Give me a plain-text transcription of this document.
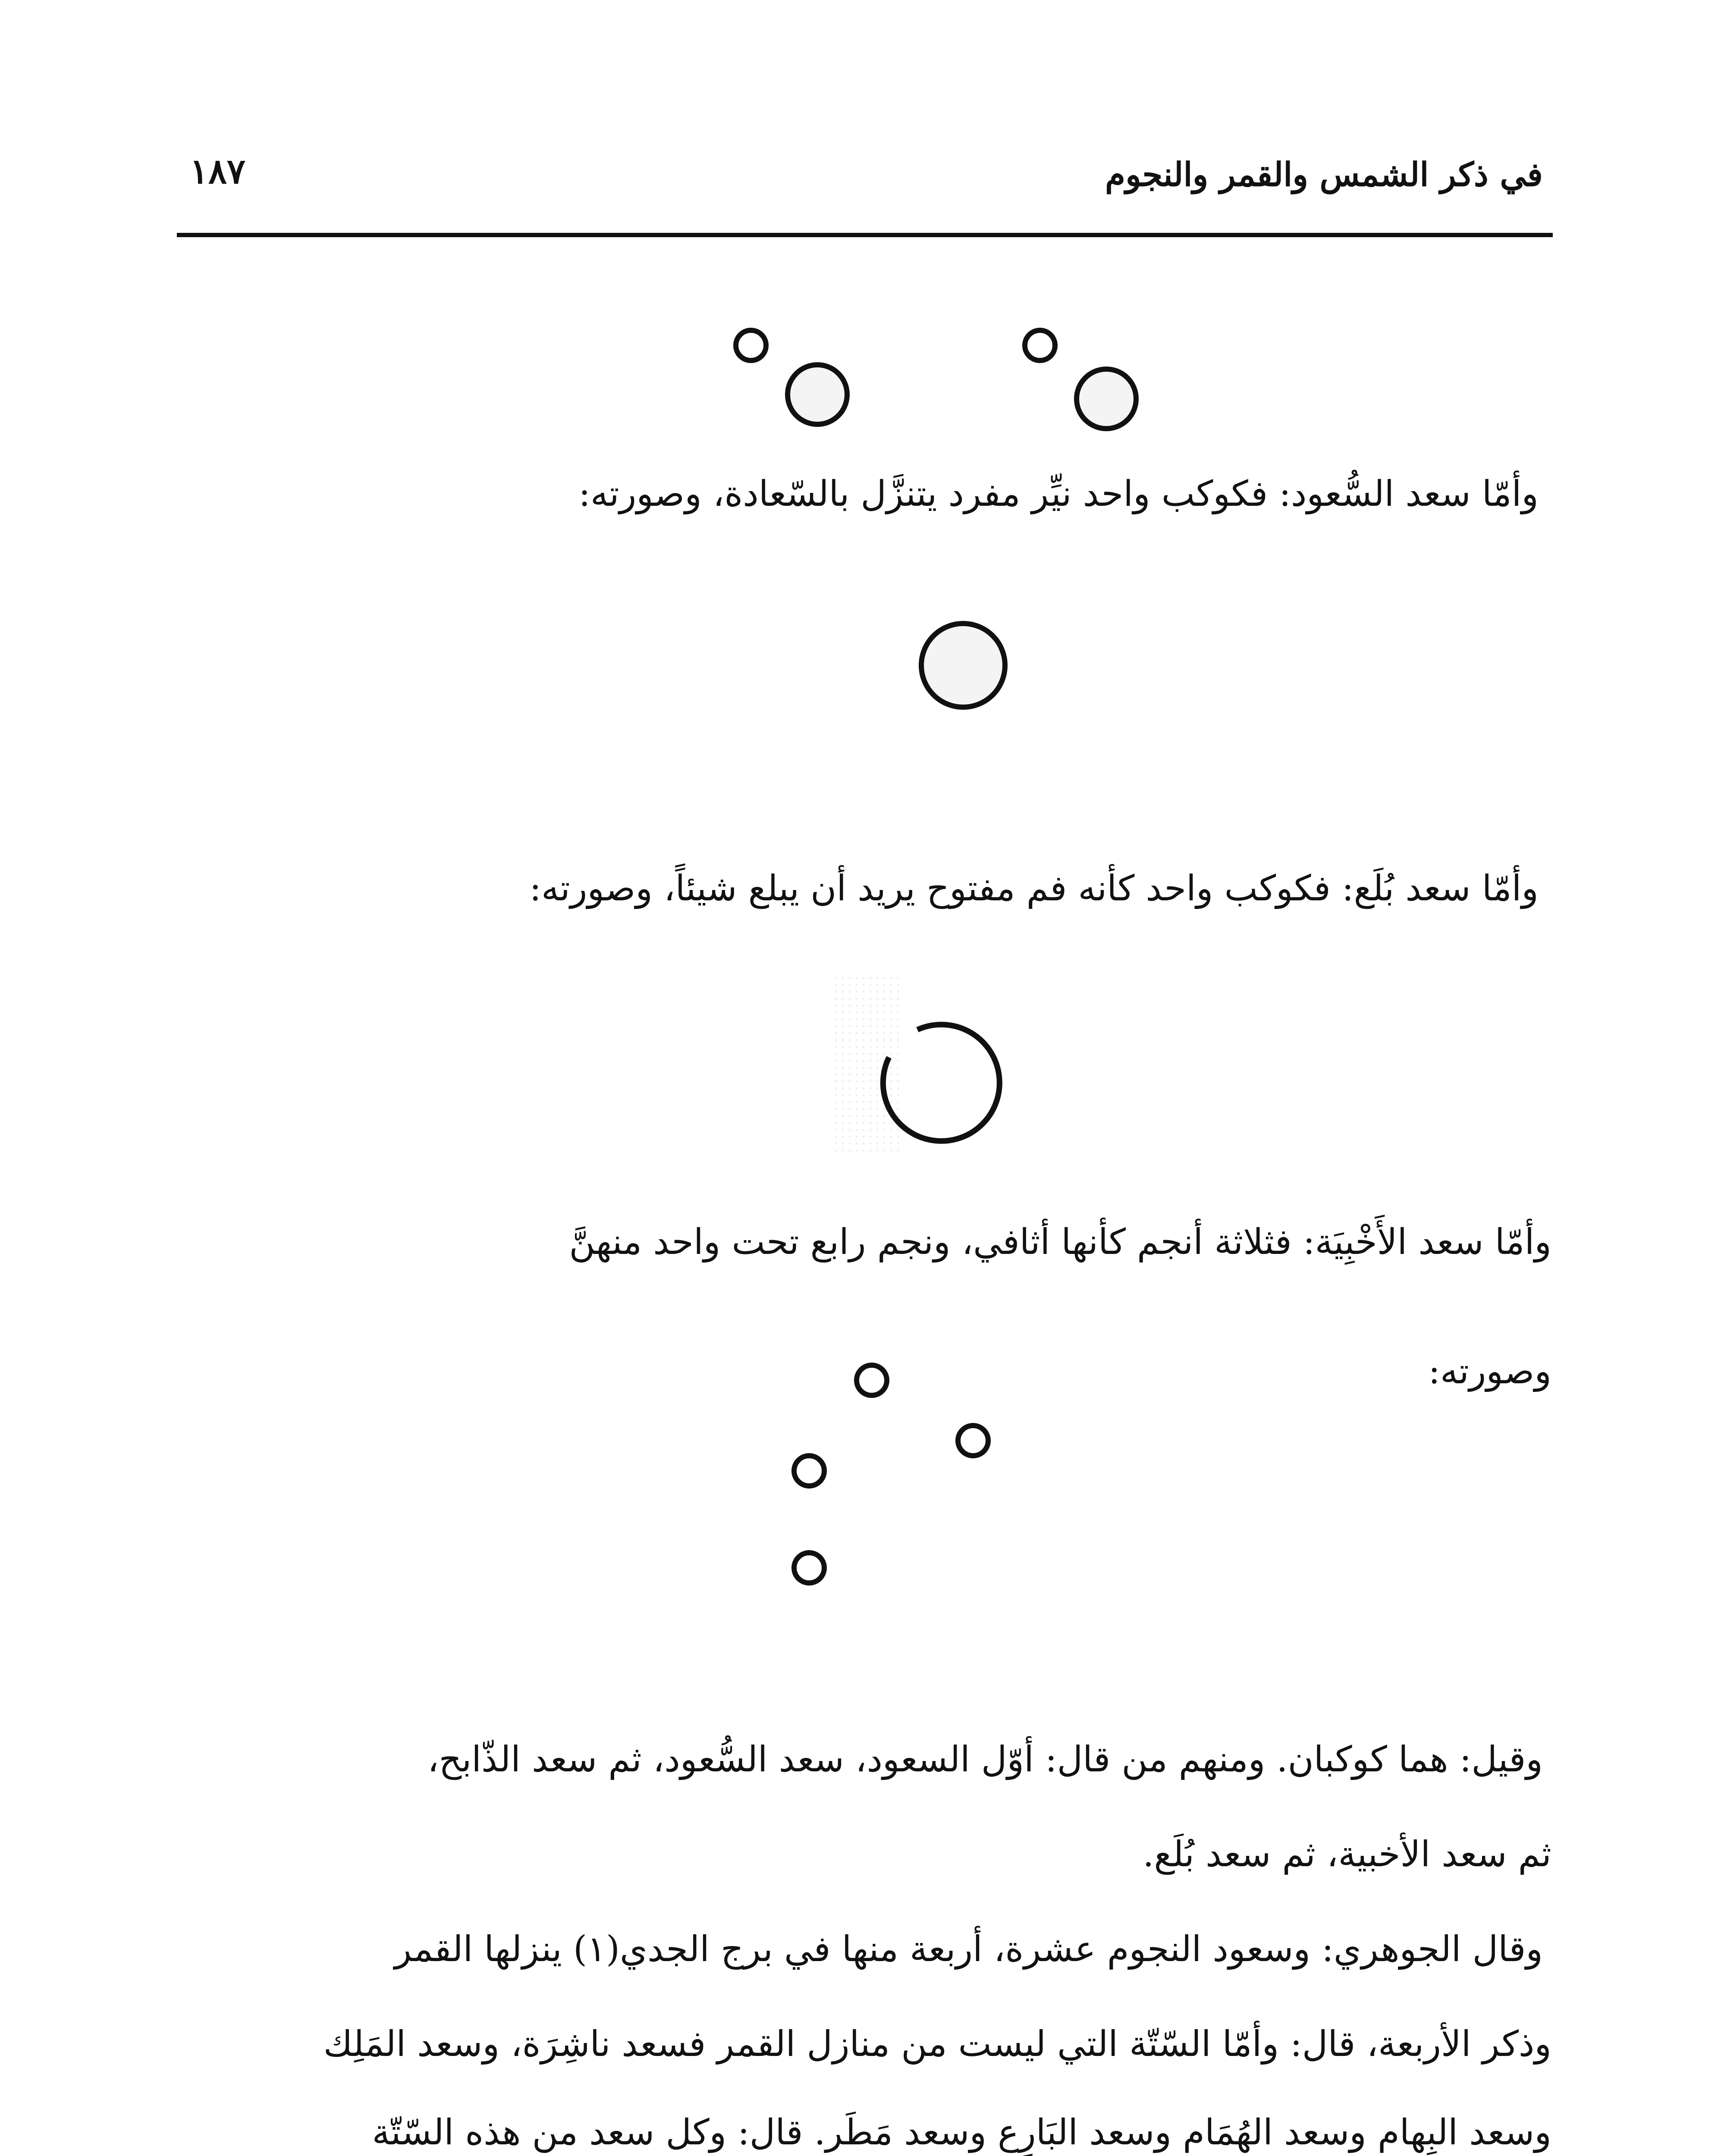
في ذكر الشمس والقمر والنجوم
١٨٧
وأمّا سعد السُّعود: فكوكب واحد نيِّر مفرد يتنزَّل بالسّعادة، وصورته:
وأمّا سعد بُلَع: فكوكب واحد كأنه فم مفتوح يريد أن يبلع شيئاً، وصورته:
وأمّا سعد الأَخْبِيَة: فثلاثة أنجم كأنها أثافي، ونجم رابع تحت واحد منهنَّ
وصورته:
وقيل: هما كوكبان. ومنهم من قال: أوّل السعود، سعد السُّعود، ثم سعد الذّابح،
ثم سعد الأخبية، ثم سعد بُلَع.
وقال الجوهري: وسعود النجوم عشرة، أربعة منها في برج الجدي(١) ينزلها القمر
وذكر الأربعة، قال: وأمّا السّتّة التي ليست من منازل القمر فسعد ناشِرَة، وسعد المَلِك
وسعد البِهام وسعد الهُمَام وسعد البَارِع وسعد مَطَر. قال: وكل سعد من هذه السّتّة
